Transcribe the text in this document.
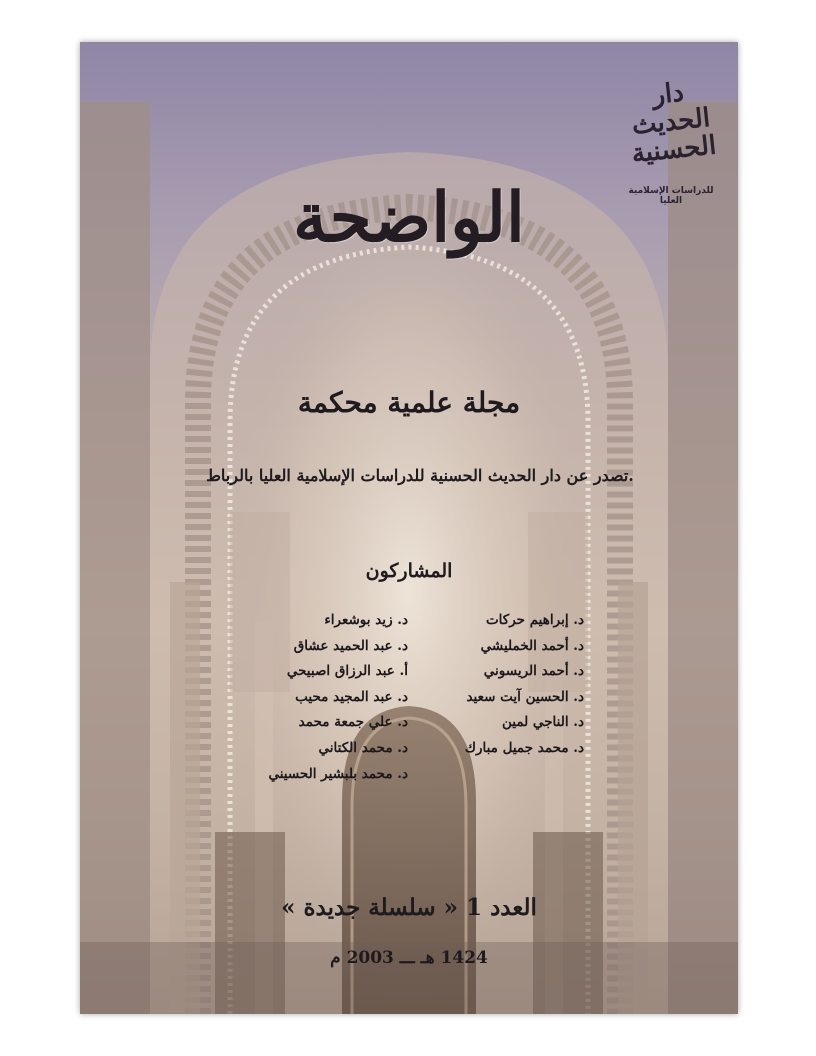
دار الحديث الحسنية
للدراسات الإسلامية العليا
الواضحة
مجلة علمية محكمة
تصدر عن دار الحديث الحسنية للدراسات الإسلامية العليا بالرباط.
المشاركون
د. إبراهيم حركات
د. أحمد الخمليشي
د. أحمد الريسوني
د. الحسين آيت سعيد
د. الناجي لمين
د. محمد جميل مبارك
د. زيد بوشعراء
د. عبد الحميد عشاق
أ. عبد الرزاق اصبيحي
د. عبد المجيد محيب
د. علي جمعة محمد
د. محمد الكتاني
د. محمد بلبشير الحسيني
العدد 1 « سلسلة جديدة »
1424 هـ ـــ 2003 م
